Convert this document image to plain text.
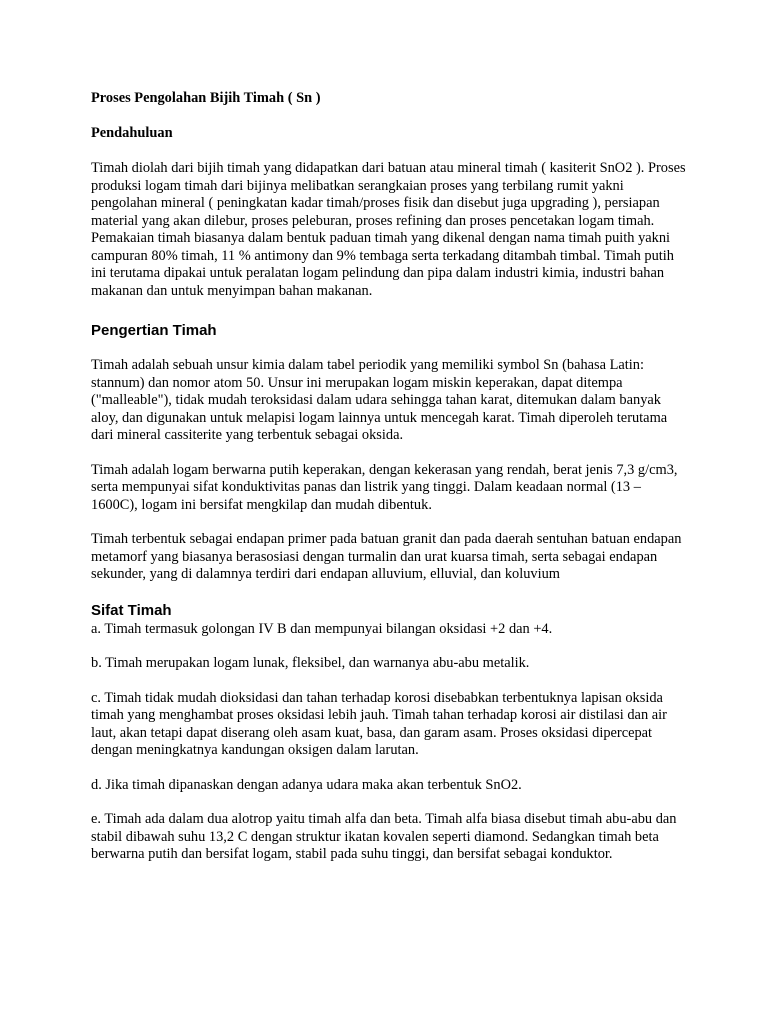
Proses Pengolahan Bijih Timah ( Sn )
Pendahuluan

Timah diolah dari bijih timah yang didapatkan dari batuan atau mineral timah ( kasiterit SnO2 ). Proses produksi logam timah dari bijinya melibatkan serangkaian proses yang terbilang rumit yakni pengolahan mineral ( peningkatan kadar timah/proses fisik dan disebut juga upgrading ), persiapan material yang akan dilebur, proses peleburan, proses refining dan proses pencetakan logam timah. Pemakaian timah biasanya dalam bentuk paduan timah yang dikenal dengan nama timah puith yakni campuran 80% timah, 11 % antimony dan 9% tembaga serta terkadang ditambah timbal. Timah putih ini terutama dipakai untuk peralatan logam pelindung dan pipa dalam industri kimia, industri bahan makanan dan untuk menyimpan bahan makanan.

Pengertian Timah

Timah adalah sebuah unsur kimia dalam tabel periodik yang memiliki symbol Sn (bahasa Latin: stannum) dan nomor atom 50. Unsur ini merupakan logam miskin keperakan, dapat ditempa ("malleable"), tidak mudah teroksidasi dalam udara sehingga tahan karat, ditemukan dalam banyak aloy, dan digunakan untuk melapisi logam lainnya untuk mencegah karat. Timah diperoleh terutama dari mineral cassiterite yang terbentuk sebagai oksida.

Timah adalah logam berwarna putih keperakan, dengan kekerasan yang rendah, berat jenis 7,3 g/cm3, serta mempunyai sifat konduktivitas panas dan listrik yang tinggi. Dalam keadaan normal (13 – 1600C), logam ini bersifat mengkilap dan mudah dibentuk.

Timah terbentuk sebagai endapan primer pada batuan granit dan pada daerah sentuhan batuan endapan metamorf yang biasanya berasosiasi dengan turmalin dan urat kuarsa timah, serta sebagai endapan sekunder, yang di dalamnya terdiri dari endapan alluvium, elluvial, dan koluvium

Sifat Timah

a. Timah termasuk golongan IV B dan mempunyai bilangan oksidasi +2 dan +4.

b. Timah merupakan logam lunak, fleksibel, dan warnanya abu-abu metalik.

c. Timah tidak mudah dioksidasi dan tahan terhadap korosi disebabkan terbentuknya lapisan oksida timah yang menghambat proses oksidasi lebih jauh. Timah tahan terhadap korosi air distilasi dan air laut, akan tetapi dapat diserang oleh asam kuat, basa, dan garam asam. Proses oksidasi dipercepat dengan meningkatnya kandungan oksigen dalam larutan.

d. Jika timah dipanaskan dengan adanya udara maka akan terbentuk SnO2.

e. Timah ada dalam dua alotrop yaitu timah alfa dan beta. Timah alfa biasa disebut timah abu-abu dan stabil dibawah suhu 13,2 C dengan struktur ikatan kovalen seperti diamond. Sedangkan timah beta berwarna putih dan bersifat logam, stabil pada suhu tinggi, dan bersifat sebagai konduktor.
